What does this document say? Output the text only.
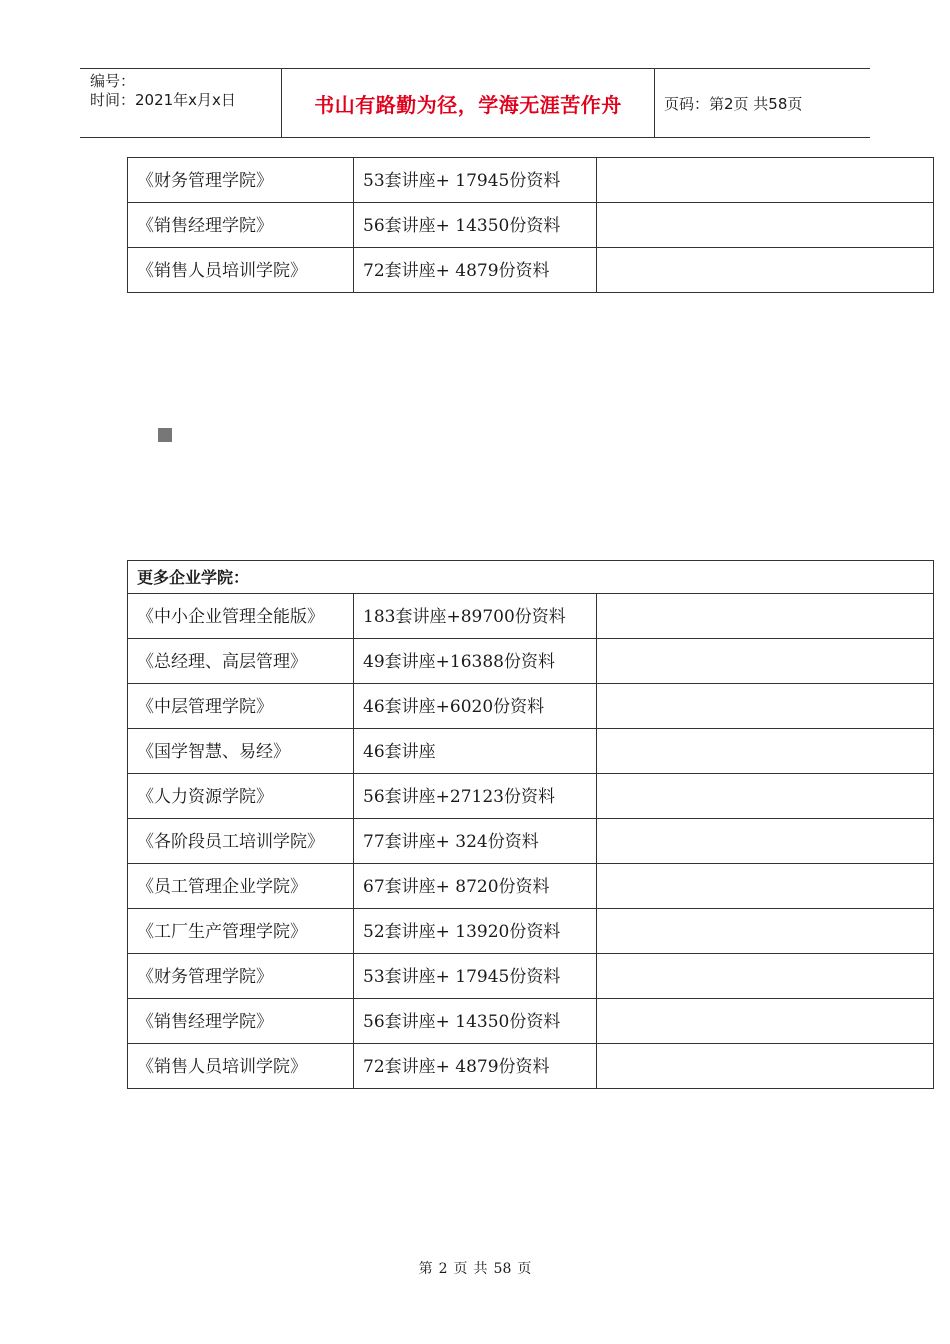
编号：
时间：2021年x月x日	书山有路勤为径，学海无涯苦作舟	页码：第2页 共58页
《财务管理学院》	53套讲座+ 17945份资料	
《销售经理学院》	56套讲座+ 14350份资料	
《销售人员培训学院》	72套讲座+ 4879份资料	
更多企业学院：		
《中小企业管理全能版》	183套讲座+89700份资料	
《总经理、高层管理》	49套讲座+16388份资料	
《中层管理学院》	46套讲座+6020份资料	
《国学智慧、易经》	46套讲座	
《人力资源学院》	56套讲座+27123份资料	
《各阶段员工培训学院》	77套讲座+ 324份资料	
《员工管理企业学院》	67套讲座+ 8720份资料	
《工厂生产管理学院》	52套讲座+ 13920份资料	
《财务管理学院》	53套讲座+ 17945份资料	
《销售经理学院》	56套讲座+ 14350份资料	
《销售人员培训学院》	72套讲座+ 4879份资料	
第 2 页 共 58 页
